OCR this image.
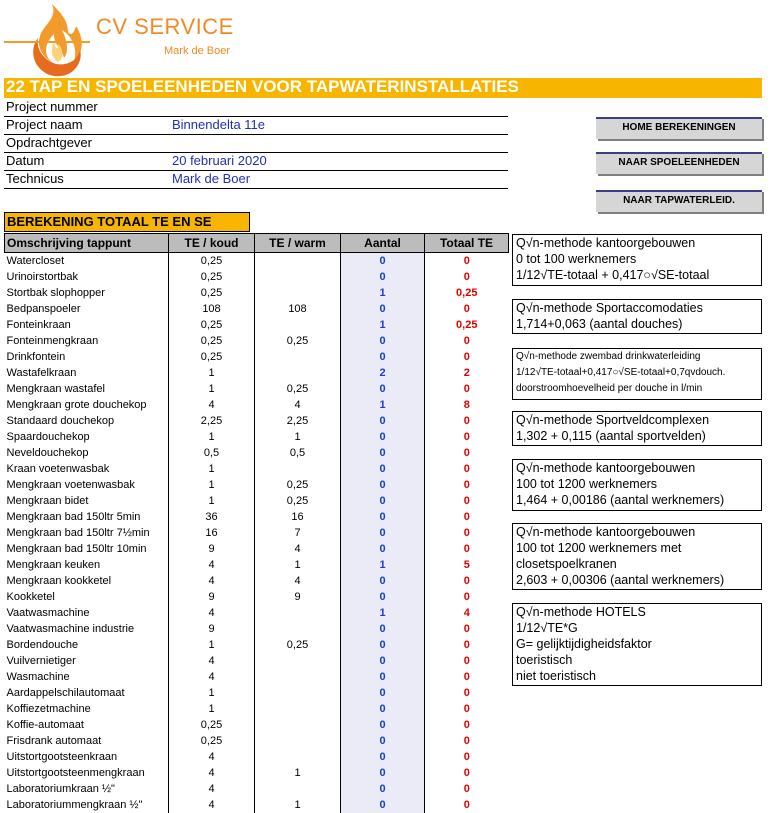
CV SERVICE
Mark de Boer
22 TAP EN SPOELEENHEDEN VOOR TAPWATERINSTALLATIES
Project nummer
Project naam	Binnendelta 11e
Opdrachtgever
Datum	20 februari 2020
Technicus	Mark de Boer
HOME BEREKENINGEN
NAAR SPOELEENHEDEN
NAAR TAPWATERLEID.
BEREKENING TOTAAL TE EN SE
Omschrijving tappunt	TE / koud	TE / warm	Aantal	Totaal TE
Watercloset	0,25		0	0
Urinoirstortbak	0,25		0	0
Stortbak slophopper	0,25		1	0,25
Bedpanspoeler	108	108	0	0
Fonteinkraan	0,25		1	0,25
Fonteinmengkraan	0,25	0,25	0	0
Drinkfontein	0,25		0	0
Wastafelkraan	1		2	2
Mengkraan wastafel	1	0,25	0	0
Mengkraan grote douchekop	4	4	1	8
Standaard douchekop	2,25	2,25	0	0
Spaardouchekop	1	1	0	0
Neveldouchekop	0,5	0,5	0	0
Kraan voetenwasbak	1		0	0
Mengkraan voetenwasbak	1	0,25	0	0
Mengkraan bidet	1	0,25	0	0
Mengkraan bad 150ltr 5min	36	16	0	0
Mengkraan bad 150ltr 7½min	16	7	0	0
Mengkraan bad 150ltr 10min	9	4	0	0
Mengkraan keuken	4	1	1	5
Mengkraan kookketel	4	4	0	0
Kookketel	9	9	0	0
Vaatwasmachine	4		1	4
Vaatwasmachine industrie	9		0	0
Bordendouche	1	0,25	0	0
Vuilvernietiger	4		0	0
Wasmachine	4		0	0
Aardappelschilautomaat	1		0	0
Koffiezetmachine	1		0	0
Koffie-automaat	0,25		0	0
Frisdrank automaat	0,25		0	0
Uitstortgootsteenkraan	4		0	0
Uitstortgootsteenmengkraan	4	1	0	0
Laboratoriumkraan ½"	4		0	0
Laboratoriummengkraan ½"	4	1	0	0
Q√n-methode kantoorgebouwen
0 tot 100 werknemers
1/12√TE-totaal + 0,417○√SE-totaal
Q√n-methode Sportaccomodaties
1,714+0,063 (aantal douches)
Q√n-methode zwembad drinkwaterleiding
1/12√TE-totaal+0,417○√SE-totaal+0,7qvdouch.
doorstroomhoevelheid per douche in l/min
Q√n-methode Sportveldcomplexen
1,302 + 0,115 (aantal sportvelden)
Q√n-methode kantoorgebouwen
100 tot 1200 werknemers
1,464 + 0,00186 (aantal werknemers)
Q√n-methode kantoorgebouwen
100 tot 1200 werknemers met
closetspoelkranen
2,603 + 0,00306 (aantal werknemers)
Q√n-methode HOTELS
1/12√TE*G
G= gelijktijdigheidsfaktor
toeristisch
niet toeristisch
